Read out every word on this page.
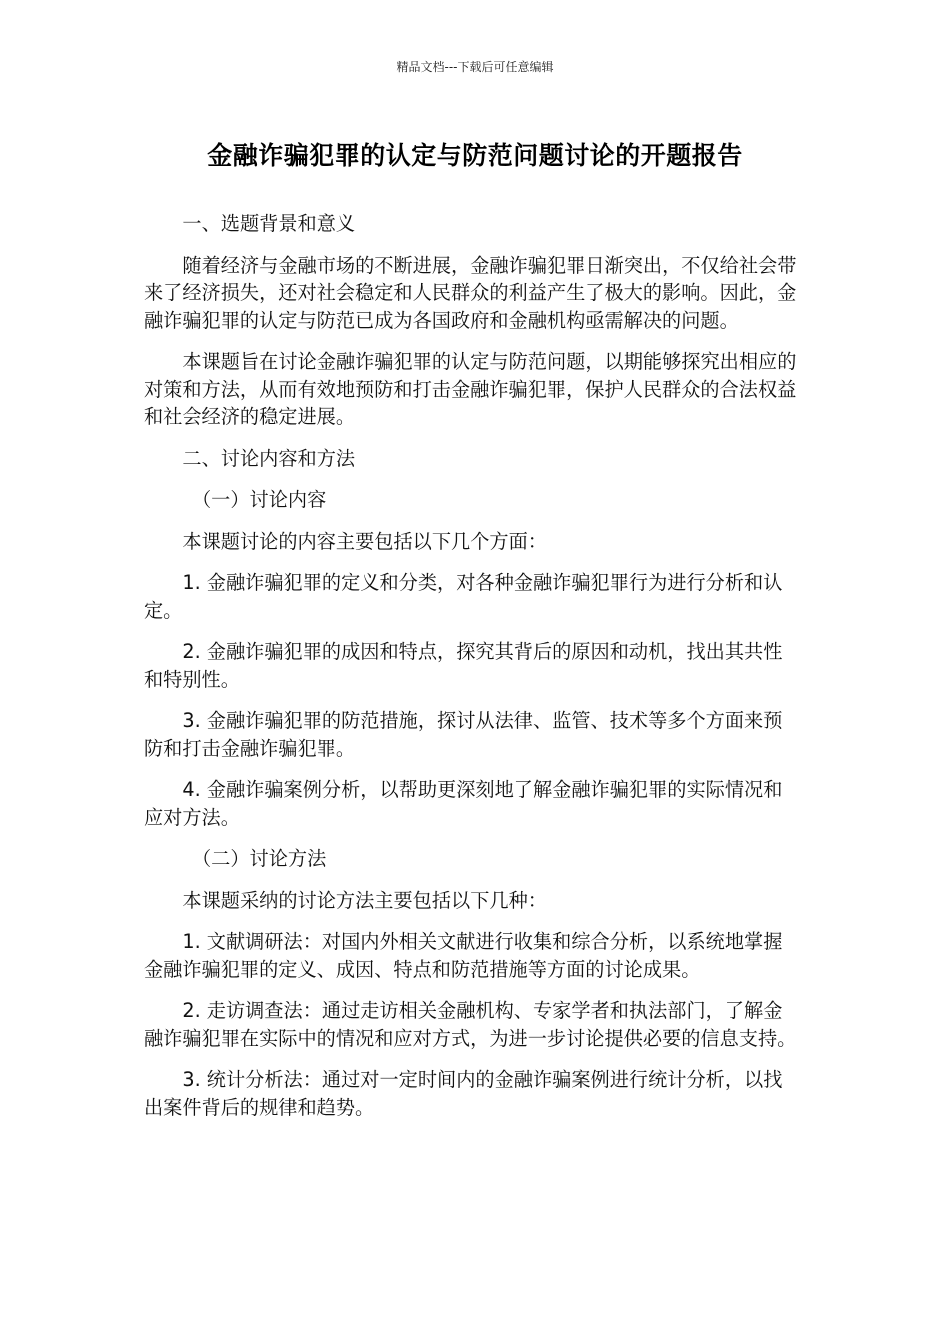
精品文档---下载后可任意编辑
金融诈骗犯罪的认定与防范问题讨论的开题报告

一、选题背景和意义

随着经济与金融市场的不断进展，金融诈骗犯罪日渐突出，不仅给社会带来了经济损失，还对社会稳定和人民群众的利益产生了极大的影响。因此，金融诈骗犯罪的认定与防范已成为各国政府和金融机构亟需解决的问题。

本课题旨在讨论金融诈骗犯罪的认定与防范问题，以期能够探究出相应的对策和方法，从而有效地预防和打击金融诈骗犯罪，保护人民群众的合法权益和社会经济的稳定进展。

二、讨论内容和方法

（一）讨论内容

本课题讨论的内容主要包括以下几个方面：

1. 金融诈骗犯罪的定义和分类，对各种金融诈骗犯罪行为进行分析和认定。

2. 金融诈骗犯罪的成因和特点，探究其背后的原因和动机，找出其共性和特别性。

3. 金融诈骗犯罪的防范措施，探讨从法律、监管、技术等多个方面来预防和打击金融诈骗犯罪。

4. 金融诈骗案例分析，以帮助更深刻地了解金融诈骗犯罪的实际情况和应对方法。

（二）讨论方法

本课题采纳的讨论方法主要包括以下几种：

1. 文献调研法：对国内外相关文献进行收集和综合分析，以系统地掌握金融诈骗犯罪的定义、成因、特点和防范措施等方面的讨论成果。

2. 走访调查法：通过走访相关金融机构、专家学者和执法部门，了解金融诈骗犯罪在实际中的情况和应对方式，为进一步讨论提供必要的信息支持。

3. 统计分析法：通过对一定时间内的金融诈骗案例进行统计分析，以找出案件背后的规律和趋势。
